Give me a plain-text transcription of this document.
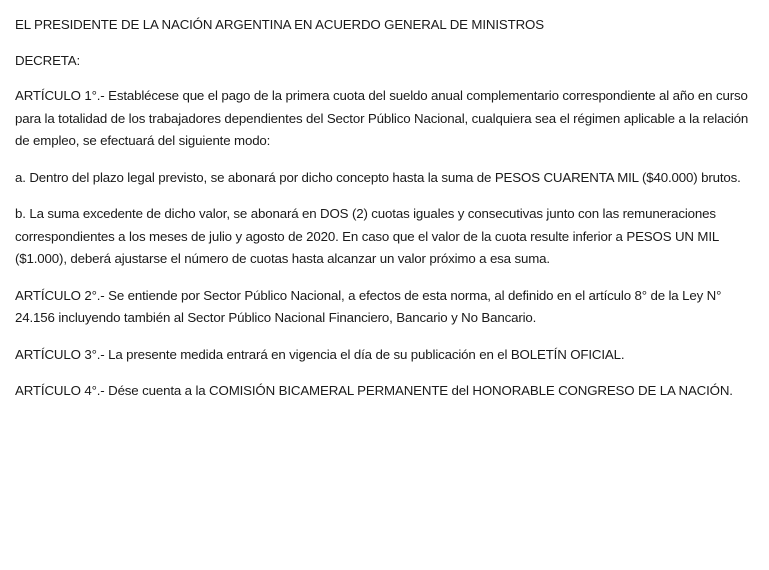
EL PRESIDENTE DE LA NACIÓN ARGENTINA EN ACUERDO GENERAL DE MINISTROS

DECRETA:

ARTÍCULO 1°.- Establécese que el pago de la primera cuota del sueldo anual complementario correspondiente al año en curso para la totalidad de los trabajadores dependientes del Sector Público Nacional, cualquiera sea el régimen aplicable a la relación de empleo, se efectuará del siguiente modo:

a. Dentro del plazo legal previsto, se abonará por dicho concepto hasta la suma de PESOS CUARENTA MIL ($40.000) brutos.

b. La suma excedente de dicho valor, se abonará en DOS (2) cuotas iguales y consecutivas junto con las remuneraciones correspondientes a los meses de julio y agosto de 2020. En caso que el valor de la cuota resulte inferior a PESOS UN MIL ($1.000), deberá ajustarse el número de cuotas hasta alcanzar un valor próximo a esa suma.

ARTÍCULO 2°.- Se entiende por Sector Público Nacional, a efectos de esta norma, al definido en el artículo 8° de la Ley N° 24.156 incluyendo también al Sector Público Nacional Financiero, Bancario y No Bancario.

ARTÍCULO 3°.- La presente medida entrará en vigencia el día de su publicación en el BOLETÍN OFICIAL.

ARTÍCULO 4°.- Dése cuenta a la COMISIÓN BICAMERAL PERMANENTE del HONORABLE CONGRESO DE LA NACIÓN.
